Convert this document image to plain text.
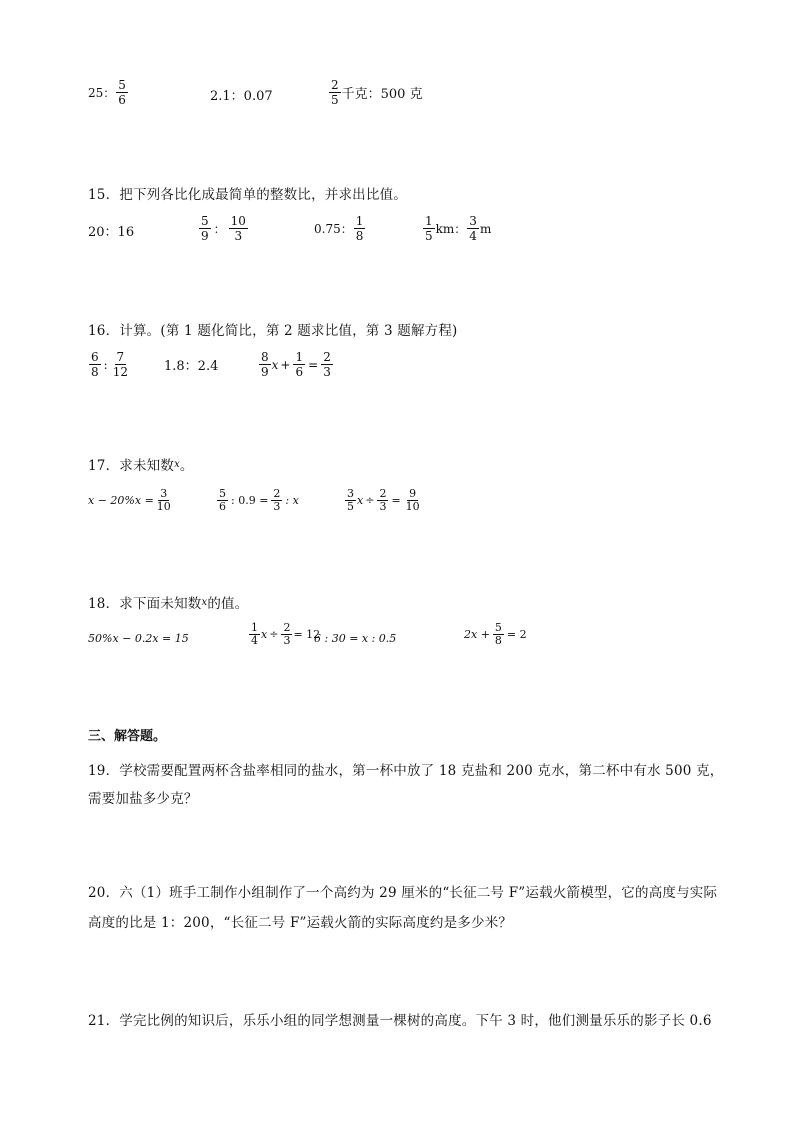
25 ： $\frac{5}{6}$	2.1：0.07	$\frac{2}{5}$ 千克：500 克
15．把下列各比化成最简单的整数比，并求出比值。
20：16	$\frac{5}{9}$ ： $\frac{10}{3}$	0.75： $\frac{1}{8}$	$\frac{1}{5}$ km： $\frac{3}{4}$ m
16．计算。(第 1 题化简比，第 2 题求比值，第 3 题解方程)
$\frac{6}{8}$ : $\frac{7}{12}$	1.8：2.4	$\frac{8}{9}$ $x + \frac{1}{6} = \frac{2}{3}$
17．求未知数$^x$。
$x - 20\%x = \frac{3}{10}$	$\frac{5}{6}$ : $0.9 = \frac{2}{3}$ : x	$\frac{3}{5}$ $x \div \frac{2}{3} = \frac{9}{10}$
18．求下面未知数$^x$的值。
50%x − 0.2x = 15	$\frac{1}{4}$ $x \div \frac{2}{3} = 12$
6 : 30 = x : 0.5	$2x + \frac{5}{8} = 2$
三、解答题。
19．学校需要配置两杯含盐率相同的盐水，第一杯中放了 18 克盐和 200 克水，第二杯中有水 500 克，
需要加盐多少克？
20．六（1）班手工制作小组制作了一个高约为 29 厘米的“长征二号 F”运载火箭模型，它的高度与实际
高度的比是 1：200，“长征二号 F”运载火箭的实际高度约是多少米？
21．学完比例的知识后，乐乐小组的同学想测量一棵树的高度。下午 3 时，他们测量乐乐的影子长 0.6
